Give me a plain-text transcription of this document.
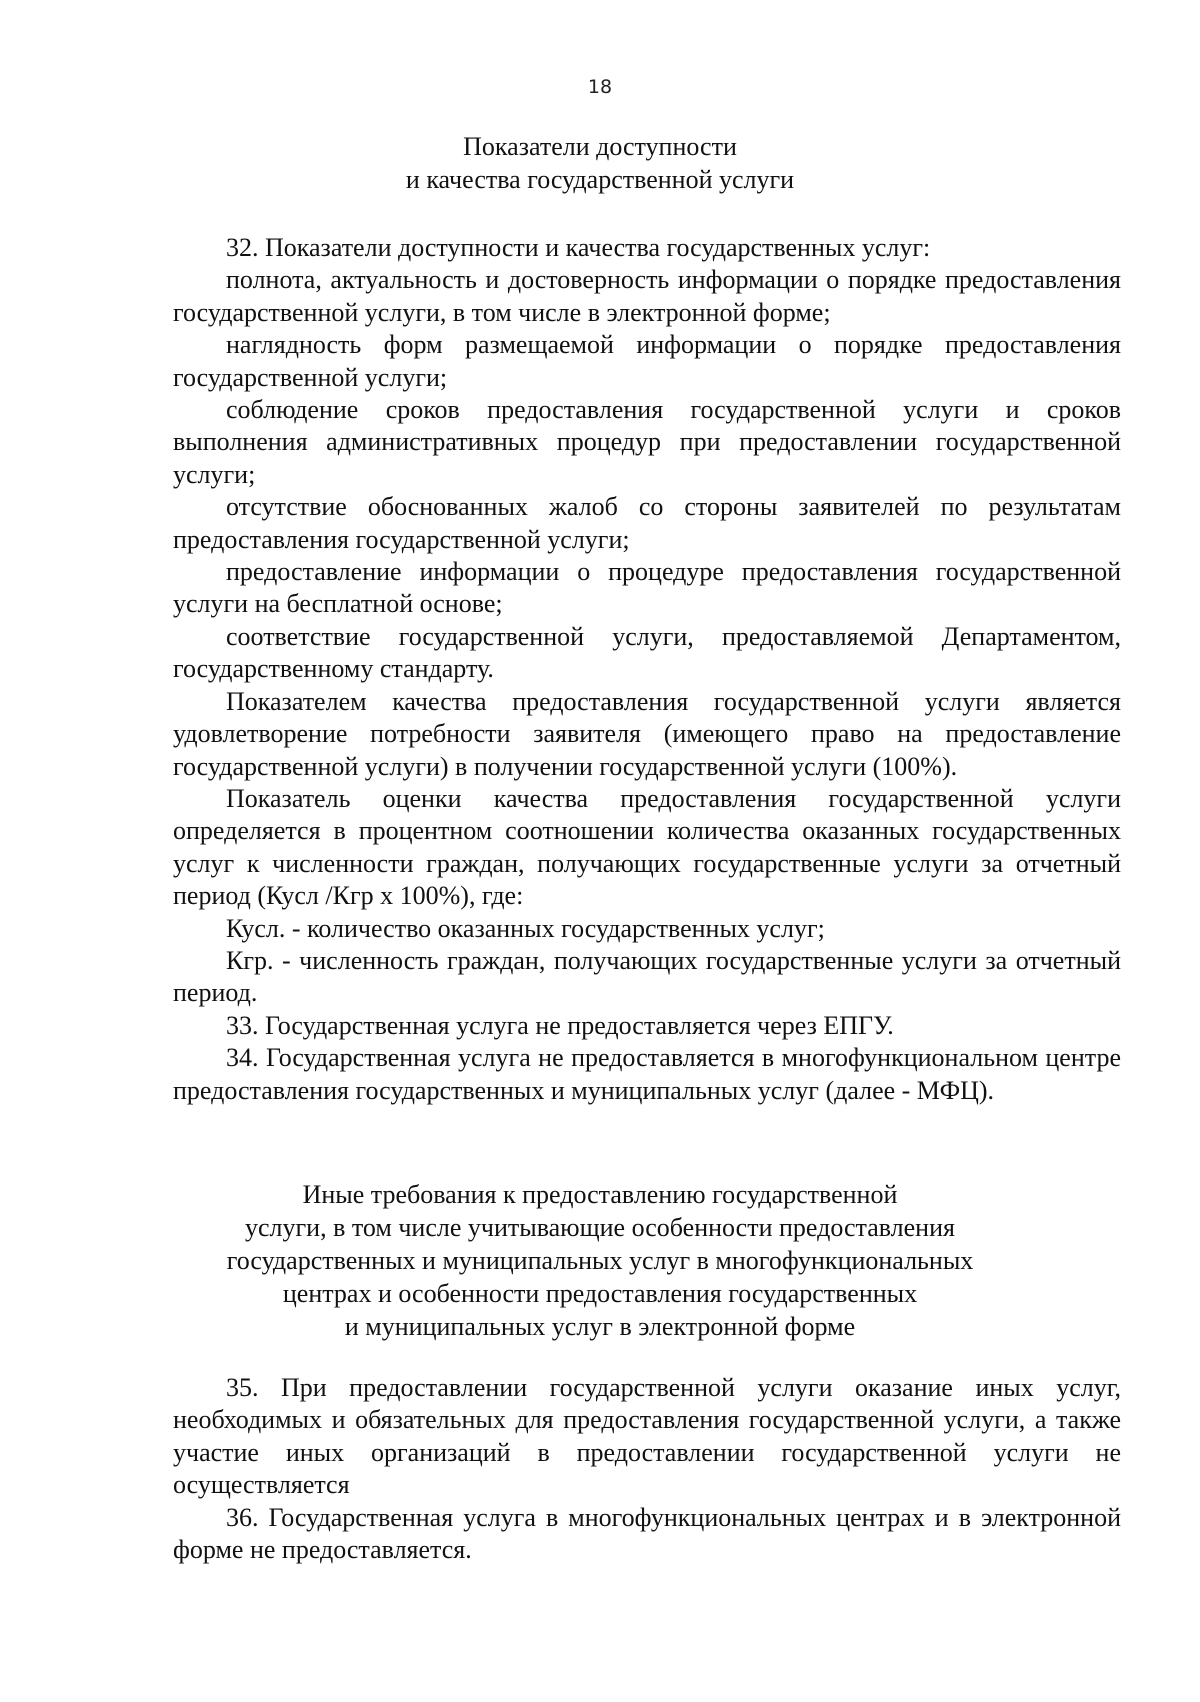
18
Показатели доступности
и качества государственной услуги

32. Показатели доступности и качества государственных услуг:

полнота, актуальность и достоверность информации о порядке предоставления государственной услуги, в том числе в электронной форме;

наглядность форм размещаемой информации о порядке предоставления государственной услуги;

соблюдение сроков предоставления государственной услуги и сроков выполнения административных процедур при предоставлении государственной услуги;

отсутствие обоснованных жалоб со стороны заявителей по результатам предоставления государственной услуги;

предоставление информации о процедуре предоставления государственной услуги на бесплатной основе;

соответствие государственной услуги, предоставляемой Департаментом, государственному стандарту.

Показателем качества предоставления государственной услуги является удовлетворение потребности заявителя (имеющего право на предоставление государственной услуги) в получении государственной услуги (100%).

Показатель оценки качества предоставления государственной услуги определяется в процентном соотношении количества оказанных государственных услуг к численности граждан, получающих государственные услуги за отчетный период (Кусл /Кгр х 100%), где:

Кусл. - количество оказанных государственных услуг;

Кгр. - численность граждан, получающих государственные услуги за отчетный период.

33. Государственная услуга не предоставляется через ЕПГУ.

34. Государственная услуга не предоставляется в многофункциональном центре предоставления государственных и муниципальных услуг (далее - МФЦ).

Иные требования к предоставлению государственной
услуги, в том числе учитывающие особенности предоставления
государственных и муниципальных услуг в многофункциональных
центрах и особенности предоставления государственных
и муниципальных услуг в электронной форме

35. При предоставлении государственной услуги оказание иных услуг, необходимых и обязательных для предоставления государственной услуги, а также участие иных организаций в предоставлении государственной услуги не осуществляется

36. Государственная услуга в многофункциональных центрах и в электронной форме не предоставляется.
